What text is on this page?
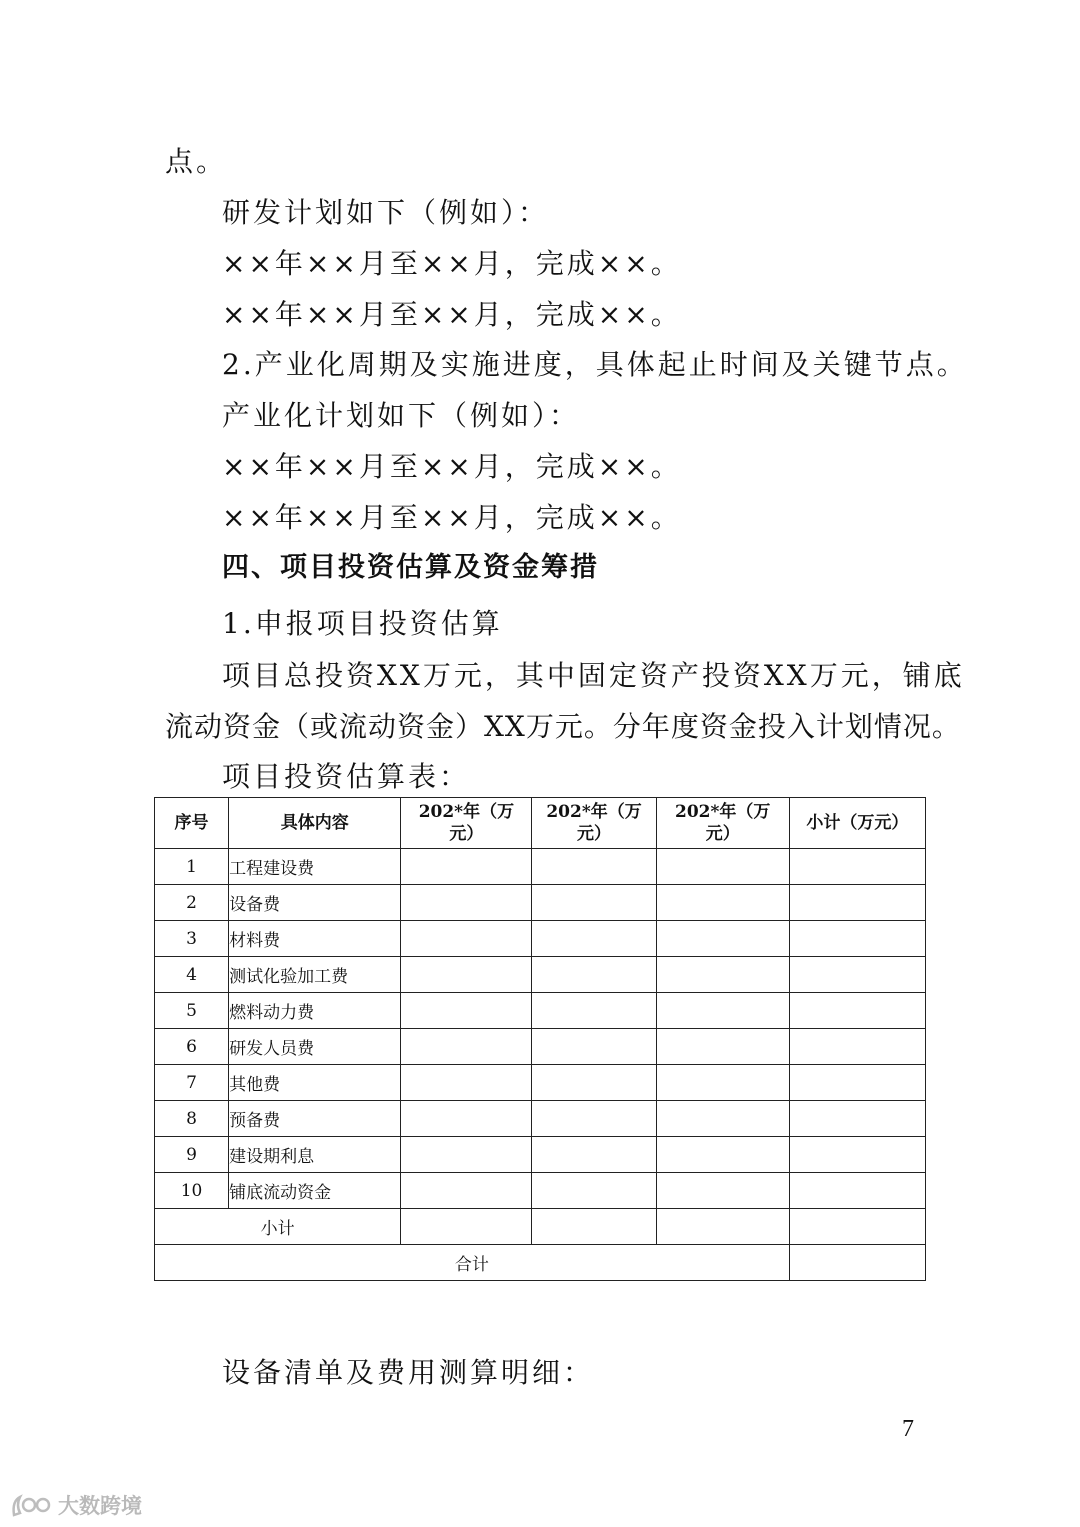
点。
研发计划如下（例如）：
××年××月至××月，完成××。
××年××月至××月，完成××。
2.产业化周期及实施进度，具体起止时间及关键节点。
产业化计划如下（例如）：
××年××月至××月，完成××。
××年××月至××月，完成××。
四、项目投资估算及资金筹措
1.申报项目投资估算
项目总投资XX万元，其中固定资产投资XX万元，铺底
流动资金（或流动资金）XX万元。分年度资金投入计划情况。
项目投资估算表：
序号	具体内容	202*年（万元）	202*年（万元）	202*年（万元）	小计（万元）
1	工程建设费				
2	设备费				
3	材料费				
4	测试化验加工费				
5	燃料动力费				
6	研发人员费				
7	其他费				
8	预备费				
9	建设期利息				
10	铺底流动资金				
小计					
合计					
设备清单及费用测算明细：
7
大数跨境
